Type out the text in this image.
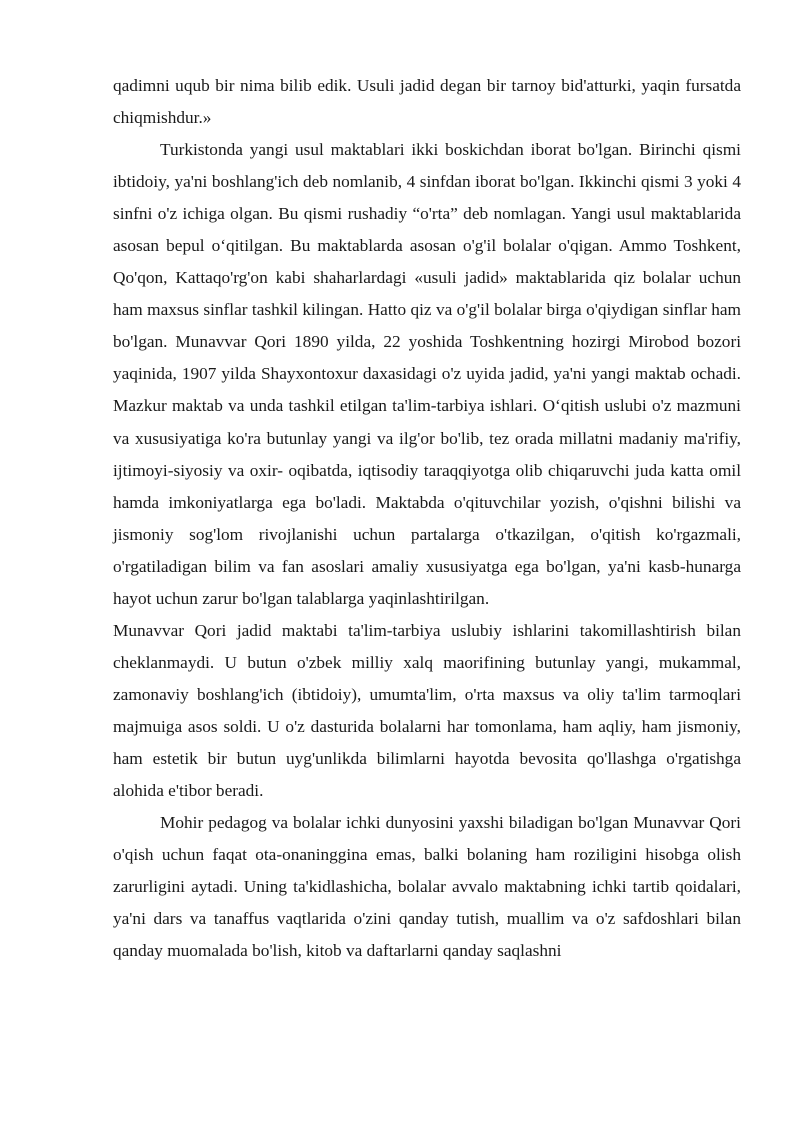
qadimni uqub bir nima bilib edik. Usuli jadid degan bir tarnoy bid'atturki, yaqin fursatda chiqmishdur.»

Turkistonda yangi usul maktablari ikki boskichdan iborat bo'lgan. Birinchi qismi ibtidoiy, ya'ni boshlang'ich deb nomlanib, 4 sinfdan iborat bo'lgan. Ikkinchi qismi 3 yoki 4 sinfni o'z ichiga olgan. Bu qismi rushadiy “o'rta” deb nomlagan. Yangi usul maktablarida asosan bepul o‘qitilgan. Bu maktablarda asosan o'g'il bolalar o'qigan. Ammo Toshkent, Qo'qon, Kattaqo'rg'on kabi shaharlardagi «usuli jadid» maktablarida qiz bolalar uchun ham maxsus sinflar tashkil kilingan. Hatto qiz va o'g'il bolalar birga o'qiydigan sinflar ham bo'lgan. Munavvar Qori 1890 yilda, 22 yoshida Toshkentning hozirgi Mirobod bozori yaqinida, 1907 yilda Shayxontoxur daxasidagi o'z uyida jadid, ya'ni yangi maktab ochadi. Mazkur maktab va unda tashkil etilgan ta'lim-tarbiya ishlari. O‘qitish uslubi o'z mazmuni va xususiyatiga ko'ra butunlay yangi va ilg'or bo'lib, tez orada millatni madaniy ma'rifiy, ijtimoyi-siyosiy va oxir- oqibatda, iqtisodiy taraqqiyotga olib chiqaruvchi juda katta omil hamda imkoniyatlarga ega bo'ladi. Maktabda o'qituvchilar yozish, o'qishni bilishi va jismoniy sog'lom rivojlanishi uchun partalarga o'tkazilgan, o'qitish ko'rgazmali, o'rgatiladigan bilim va fan asoslari amaliy xususiyatga ega bo'lgan, ya'ni kasb-hunarga hayot uchun zarur bo'lgan talablarga yaqinlashtirilgan.

Munavvar Qori jadid maktabi ta'lim-tarbiya uslubiy ishlarini takomillashtirish bilan cheklanmaydi. U butun o'zbek milliy xalq maorifining butunlay yangi, mukammal, zamonaviy boshlang'ich (ibtidoiy), umumta'lim, o'rta maxsus va oliy ta'lim tarmoqlari majmuiga asos soldi. U o'z dasturida bolalarni har tomonlama, ham aqliy, ham jismoniy, ham estetik bir butun uyg'unlikda bilimlarni hayotda bevosita qo'llashga o'rgatishga alohida e'tibor beradi.

Mohir pedagog va bolalar ichki dunyosini yaxshi biladigan bo'lgan Munavvar Qori o'qish uchun faqat ota-onaninggina emas, balki bolaning ham roziligini hisobga olish zarurligini aytadi. Uning ta'kidlashicha, bolalar avvalo maktabning ichki tartib qoidalari, ya'ni dars va tanaffus vaqtlarida o'zini qanday tutish, muallim va o'z safdoshlari bilan qanday muomalada bo'lish, kitob va daftarlarni qanday saqlashni
